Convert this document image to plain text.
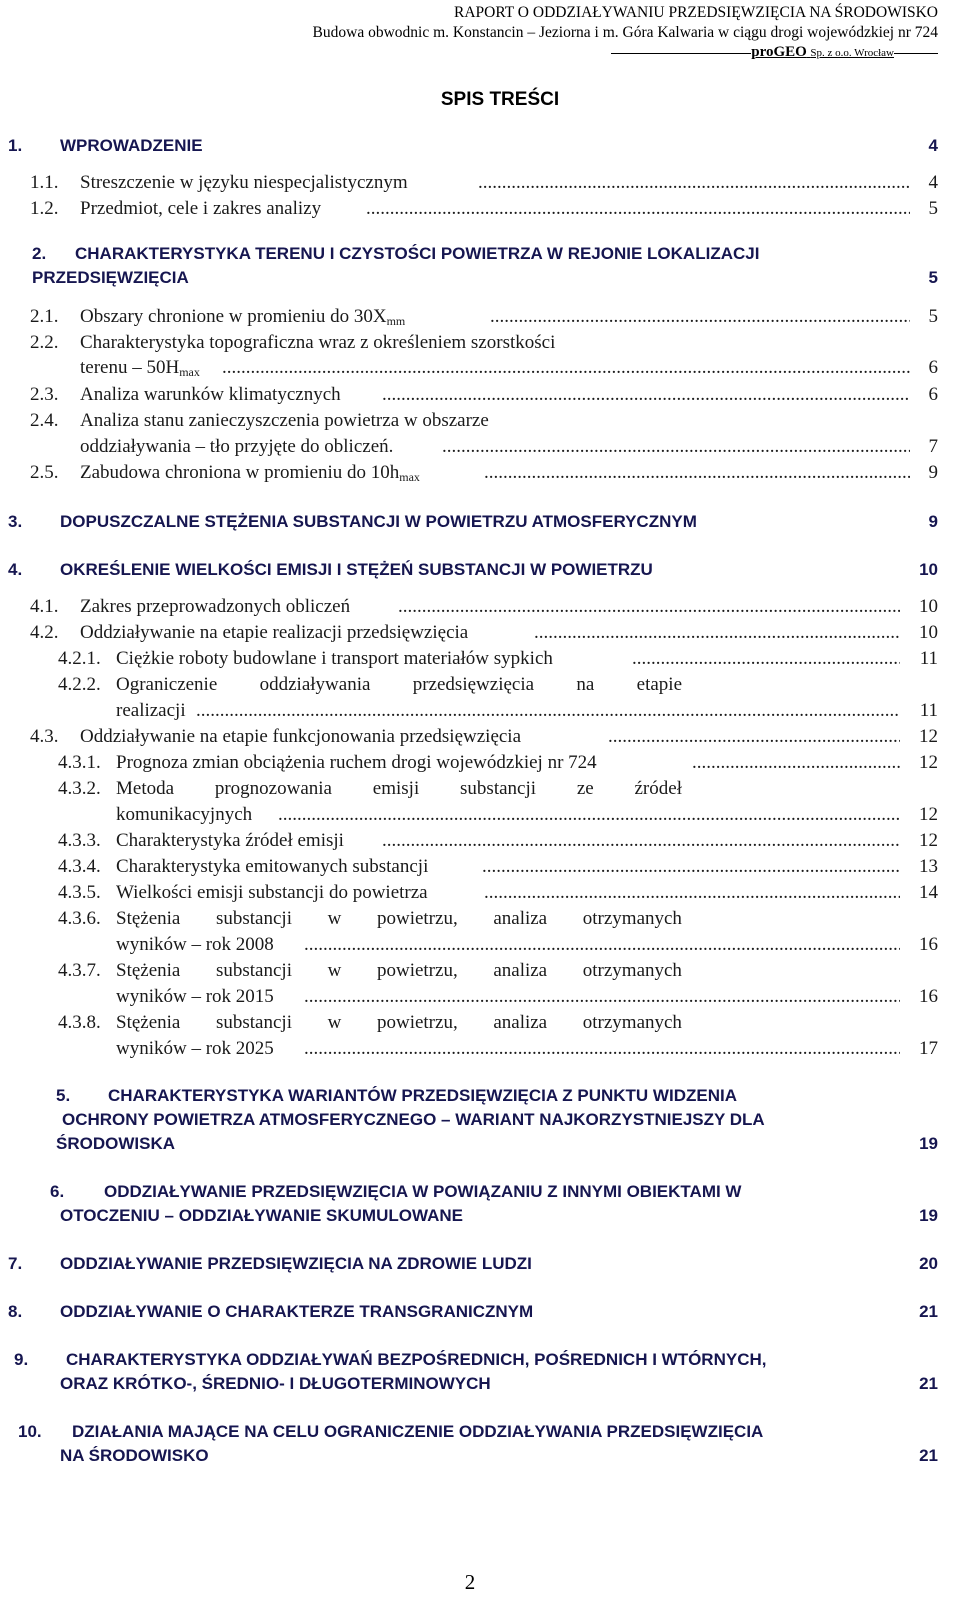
RAPORT O ODDZIAŁYWANIU PRZEDSIĘWZIĘCIA NA ŚRODOWISKO
Budowa obwodnic m. Konstancin – Jeziorna i m. Góra Kalwaria w ciągu drogi wojewódzkiej nr 724
proGEO Sp. z o.o. Wrocław
SPIS TREŚCI
1. WPROWADZENIE	4
1.1. Streszczenie w języku niespecjalistycznym .....	4
1.2. Przedmiot, cele i zakres analizy .....	5
2. CHARAKTERYSTYKA TERENU I CZYSTOŚCI POWIETRZA W REJONIE LOKALIZACJI
PRZEDSIĘWZIĘCIA	5
2.1. Obszary chronione w promieniu do $30X_{mm}$ .....	5
2.2. Charakterystyka topograficzna wraz z określeniem szorstkości
terenu – $50H_{max}$ .....	6
2.3. Analiza warunków klimatycznych .....	6
2.4. Analiza stanu zanieczyszczenia powietrza w obszarze
oddziaływania – tło przyjęte do obliczeń. .....	7
2.5. Zabudowa chroniona w promieniu do $10h_{max}$ .....	9
3. DOPUSZCZALNE STĘŻENIA SUBSTANCJI W POWIETRZU ATMOSFERYCZNYM	9
4. OKREŚLENIE WIELKOŚCI EMISJI I STĘŻEŃ SUBSTANCJI W POWIETRZU	10
4.1. Zakres przeprowadzonych obliczeń .....	10
4.2. Oddziaływanie na etapie realizacji przedsięwzięcia .....	10
4.2.1. Ciężkie roboty budowlane i transport materiałów sypkich .....	11
4.2.2. Ograniczenie oddziaływania przedsięwzięcia na etapie
realizacji .....	11
4.3. Oddziaływanie na etapie funkcjonowania przedsięwzięcia .....	12
4.3.1. Prognoza zmian obciążenia ruchem drogi wojewódzkiej nr 724 .....	12
4.3.2. Metoda prognozowania emisji substancji ze źródeł
komunikacyjnych .....	12
4.3.3. Charakterystyka źródeł emisji .....	12
4.3.4. Charakterystyka emitowanych substancji .....	13
4.3.5. Wielkości emisji substancji do powietrza .....	14
4.3.6. Stężenia substancji w powietrzu, analiza otrzymanych
wyników – rok 2008 .....	16
4.3.7. Stężenia substancji w powietrzu, analiza otrzymanych
wyników – rok 2015 .....	16
4.3.8. Stężenia substancji w powietrzu, analiza otrzymanych
wyników – rok 2025 .....	17
5. CHARAKTERYSTYKA WARIANTÓW PRZEDSIĘWZIĘCIA Z PUNKTU WIDZENIA
OCHRONY POWIETRZA ATMOSFERYCZNEGO – WARIANT NAJKORZYSTNIEJSZY DLA
ŚRODOWISKA	19
6. ODDZIAŁYWANIE PRZEDSIĘWZIĘCIA W POWIĄZANIU Z INNYMI OBIEKTAMI W
OTOCZENIU – ODDZIAŁYWANIE SKUMULOWANE	19
7. ODDZIAŁYWANIE PRZEDSIĘWZIĘCIA NA ZDROWIE LUDZI	20
8. ODDZIAŁYWANIE O CHARAKTERZE TRANSGRANICZNYM	21
9. CHARAKTERYSTYKA ODDZIAŁYWAŃ BEZPOŚREDNICH, POŚREDNICH I WTÓRNYCH,
ORAZ KRÓTKO-, ŚREDNIO- I DŁUGOTERMINOWYCH	21
10. DZIAŁANIA MAJĄCE NA CELU OGRANICZENIE ODDZIAŁYWANIA PRZEDSIĘWZIĘCIA
NA ŚRODOWISKO	21
2
